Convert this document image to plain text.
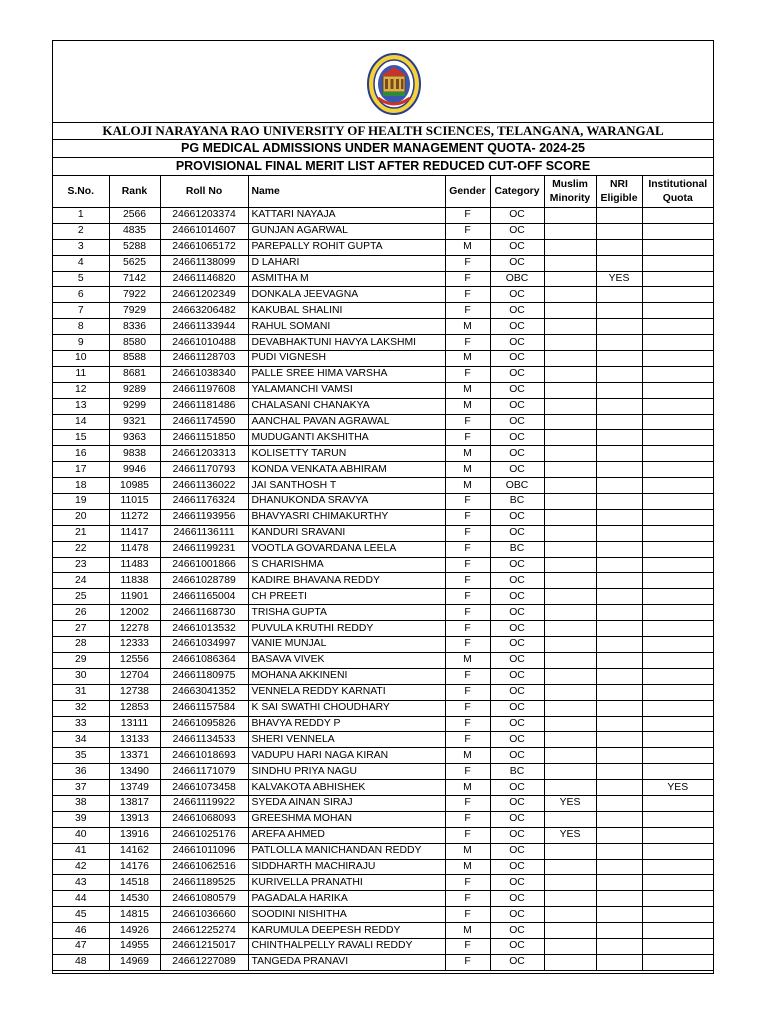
KALOJI NARAYANA RAO UNIVERSITY OF HEALTH SCIENCES, TELANGANA, WARANGAL
PG MEDICAL ADMISSIONS UNDER MANAGEMENT QUOTA- 2024-25
PROVISIONAL FINAL MERIT LIST AFTER REDUCED CUT-OFF SCORE
S.No.	Rank	Roll No	Name	Gender	Category	Muslim
Minority	NRI
Eligible	Institutional
Quota
1	2566	24661203374	KATTARI NAYAJA	F	OC			
2	4835	24661014607	GUNJAN AGARWAL	F	OC			
3	5288	24661065172	PAREPALLY ROHIT GUPTA	M	OC			
4	5625	24661138099	D LAHARI	F	OC			
5	7142	24661146820	ASMITHA M	F	OBC		YES	
6	7922	24661202349	DONKALA JEEVAGNA	F	OC			
7	7929	24663206482	KAKUBAL SHALINI	F	OC			
8	8336	24661133944	RAHUL SOMANI	M	OC			
9	8580	24661010488	DEVABHAKTUNI HAVYA LAKSHMI	F	OC			
10	8588	24661128703	PUDI VIGNESH	M	OC			
11	8681	24661038340	PALLE SREE HIMA VARSHA	F	OC			
12	9289	24661197608	YALAMANCHI VAMSI	M	OC			
13	9299	24661181486	CHALASANI CHANAKYA	M	OC			
14	9321	24661174590	AANCHAL PAVAN AGRAWAL	F	OC			
15	9363	24661151850	MUDUGANTI AKSHITHA	F	OC			
16	9838	24661203313	KOLISETTY TARUN	M	OC			
17	9946	24661170793	KONDA VENKATA ABHIRAM	M	OC			
18	10985	24661136022	JAI SANTHOSH T	M	OBC			
19	11015	24661176324	DHANUKONDA SRAVYA	F	BC			
20	11272	24661193956	BHAVYASRI CHIMAKURTHY	F	OC			
21	11417	24661136111	KANDURI SRAVANI	F	OC			
22	11478	24661199231	VOOTLA GOVARDANA LEELA	F	BC			
23	11483	24661001866	S CHARISHMA	F	OC			
24	11838	24661028789	KADIRE BHAVANA REDDY	F	OC			
25	11901	24661165004	CH PREETI	F	OC			
26	12002	24661168730	TRISHA GUPTA	F	OC			
27	12278	24661013532	PUVULA KRUTHI REDDY	F	OC			
28	12333	24661034997	VANIE MUNJAL	F	OC			
29	12556	24661086364	BASAVA VIVEK	M	OC			
30	12704	24661180975	MOHANA AKKINENI	F	OC			
31	12738	24663041352	VENNELA REDDY KARNATI	F	OC			
32	12853	24661157584	K SAI SWATHI CHOUDHARY	F	OC			
33	13111	24661095826	BHAVYA REDDY P	F	OC			
34	13133	24661134533	SHERI VENNELA	F	OC			
35	13371	24661018693	VADUPU HARI NAGA KIRAN	M	OC			
36	13490	24661171079	SINDHU PRIYA NAGU	F	BC			
37	13749	24661073458	KALVAKOTA ABHISHEK	M	OC			YES
38	13817	24661119922	SYEDA AINAN SIRAJ	F	OC	YES		
39	13913	24661068093	GREESHMA MOHAN	F	OC			
40	13916	24661025176	AREFA AHMED	F	OC	YES		
41	14162	24661011096	PATLOLLA MANICHANDAN REDDY	M	OC			
42	14176	24661062516	SIDDHARTH MACHIRAJU	M	OC			
43	14518	24661189525	KURIVELLA PRANATHI	F	OC			
44	14530	24661080579	PAGADALA HARIKA	F	OC			
45	14815	24661036660	SOODINI NISHITHA	F	OC			
46	14926	24661225274	KARUMULA DEEPESH REDDY	M	OC			
47	14955	24661215017	CHINTHALPELLY RAVALI REDDY	F	OC			
48	14969	24661227089	TANGEDA PRANAVI	F	OC			
